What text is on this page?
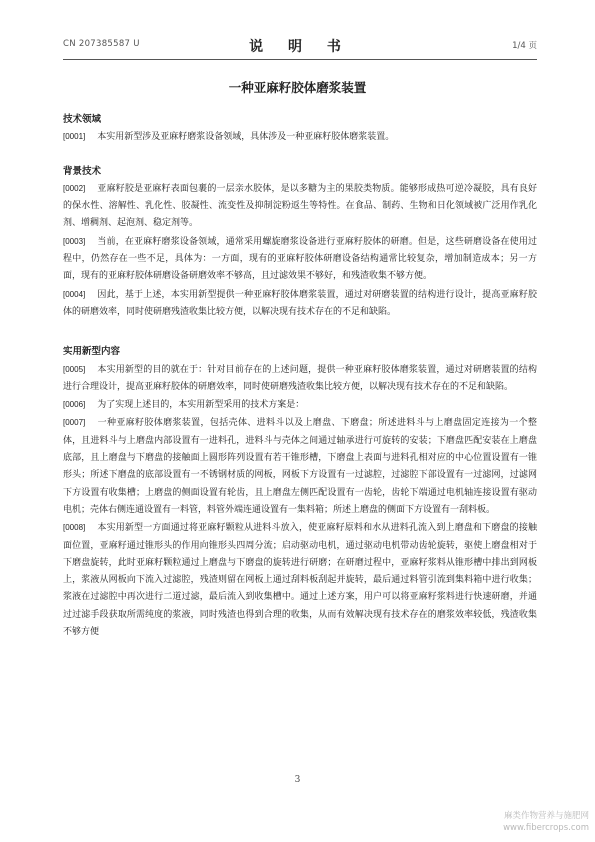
CN 207385587 U	说 明 书	1/4 页
一种亚麻籽胶体磨浆装置
技术领域

[0001] 本实用新型涉及亚麻籽磨浆设备领域，具体涉及一种亚麻籽胶体磨浆装置。

背景技术

[0002] 亚麻籽胶是亚麻籽表面包裹的一层亲水胶体，是以多糖为主的果胶类物质。能够形成热可逆冷凝胶，具有良好的保水性、溶解性、乳化性、胶凝性、流变性及抑制淀粉返生等特性。在食品、制药、生物和日化领域被广泛用作乳化剂、增稠剂、起泡剂、稳定剂等。

[0003] 当前，在亚麻籽磨浆设备领域，通常采用螺旋磨浆设备进行亚麻籽胶体的研磨。但是，这些研磨设备在使用过程中，仍然存在一些不足，具体为：一方面，现有的亚麻籽胶体研磨设备结构通常比较复杂，增加制造成本；另一方面，现有的亚麻籽胶体研磨设备研磨效率不够高，且过滤效果不够好，和残渣收集不够方便。

[0004] 因此，基于上述，本实用新型提供一种亚麻籽胶体磨浆装置，通过对研磨装置的结构进行设计，提高亚麻籽胶体的研磨效率，同时使研磨残渣收集比较方便，以解决现有技术存在的不足和缺陷。

实用新型内容

[0005] 本实用新型的目的就在于：针对目前存在的上述问题，提供一种亚麻籽胶体磨浆装置，通过对研磨装置的结构进行合理设计，提高亚麻籽胶体的研磨效率，同时使研磨残渣收集比较方便，以解决现有技术存在的不足和缺陷。

[0006] 为了实现上述目的，本实用新型采用的技术方案是：

[0007] 一种亚麻籽胶体磨浆装置，包括壳体、进料斗以及上磨盘、下磨盘；所述进料斗与上磨盘固定连接为一个整体，且进料斗与上磨盘内部设置有一进料孔，进料斗与壳体之间通过轴承进行可旋转的安装；下磨盘匹配安装在上磨盘底部，且上磨盘与下磨盘的接触面上圆形阵列设置有若干锥形槽，下磨盘上表面与进料孔相对应的中心位置设置有一锥形头；所述下磨盘的底部设置有一不锈钢材质的网板，网板下方设置有一过滤腔，过滤腔下部设置有一过滤网，过滤网下方设置有收集槽；上磨盘的侧面设置有轮齿，且上磨盘左侧匹配设置有一齿轮，齿轮下端通过电机轴连接设置有驱动电机；壳体右侧连通设置有一料管，料管外端连通设置有一集料箱；所述上磨盘的侧面下方设置有一刮料板。

[0008] 本实用新型一方面通过将亚麻籽颗粒从进料斗放入，使亚麻籽原料和水从进料孔流入到上磨盘和下磨盘的接触面位置，亚麻籽通过锥形头的作用向锥形头四周分流；启动驱动电机，通过驱动电机带动齿轮旋转，驱使上磨盘相对于下磨盘旋转，此时亚麻籽颗粒通过上磨盘与下磨盘的旋转进行研磨；在研磨过程中，亚麻籽浆料从锥形槽中排出到网板上，浆液从网板向下流入过滤腔，残渣则留在网板上通过刮料板刮起并旋转，最后通过料管引流到集料箱中进行收集；浆液在过滤腔中再次进行二道过滤，最后流入到收集槽中。通过上述方案，用户可以将亚麻籽浆料进行快速研磨，并通过过滤手段获取所需纯度的浆液，同时残渣也得到合理的收集，从而有效解决现有技术存在的磨浆效率较低，残渣收集不够方便

3
麻类作物营养与施肥网
www.fibercrops.com
